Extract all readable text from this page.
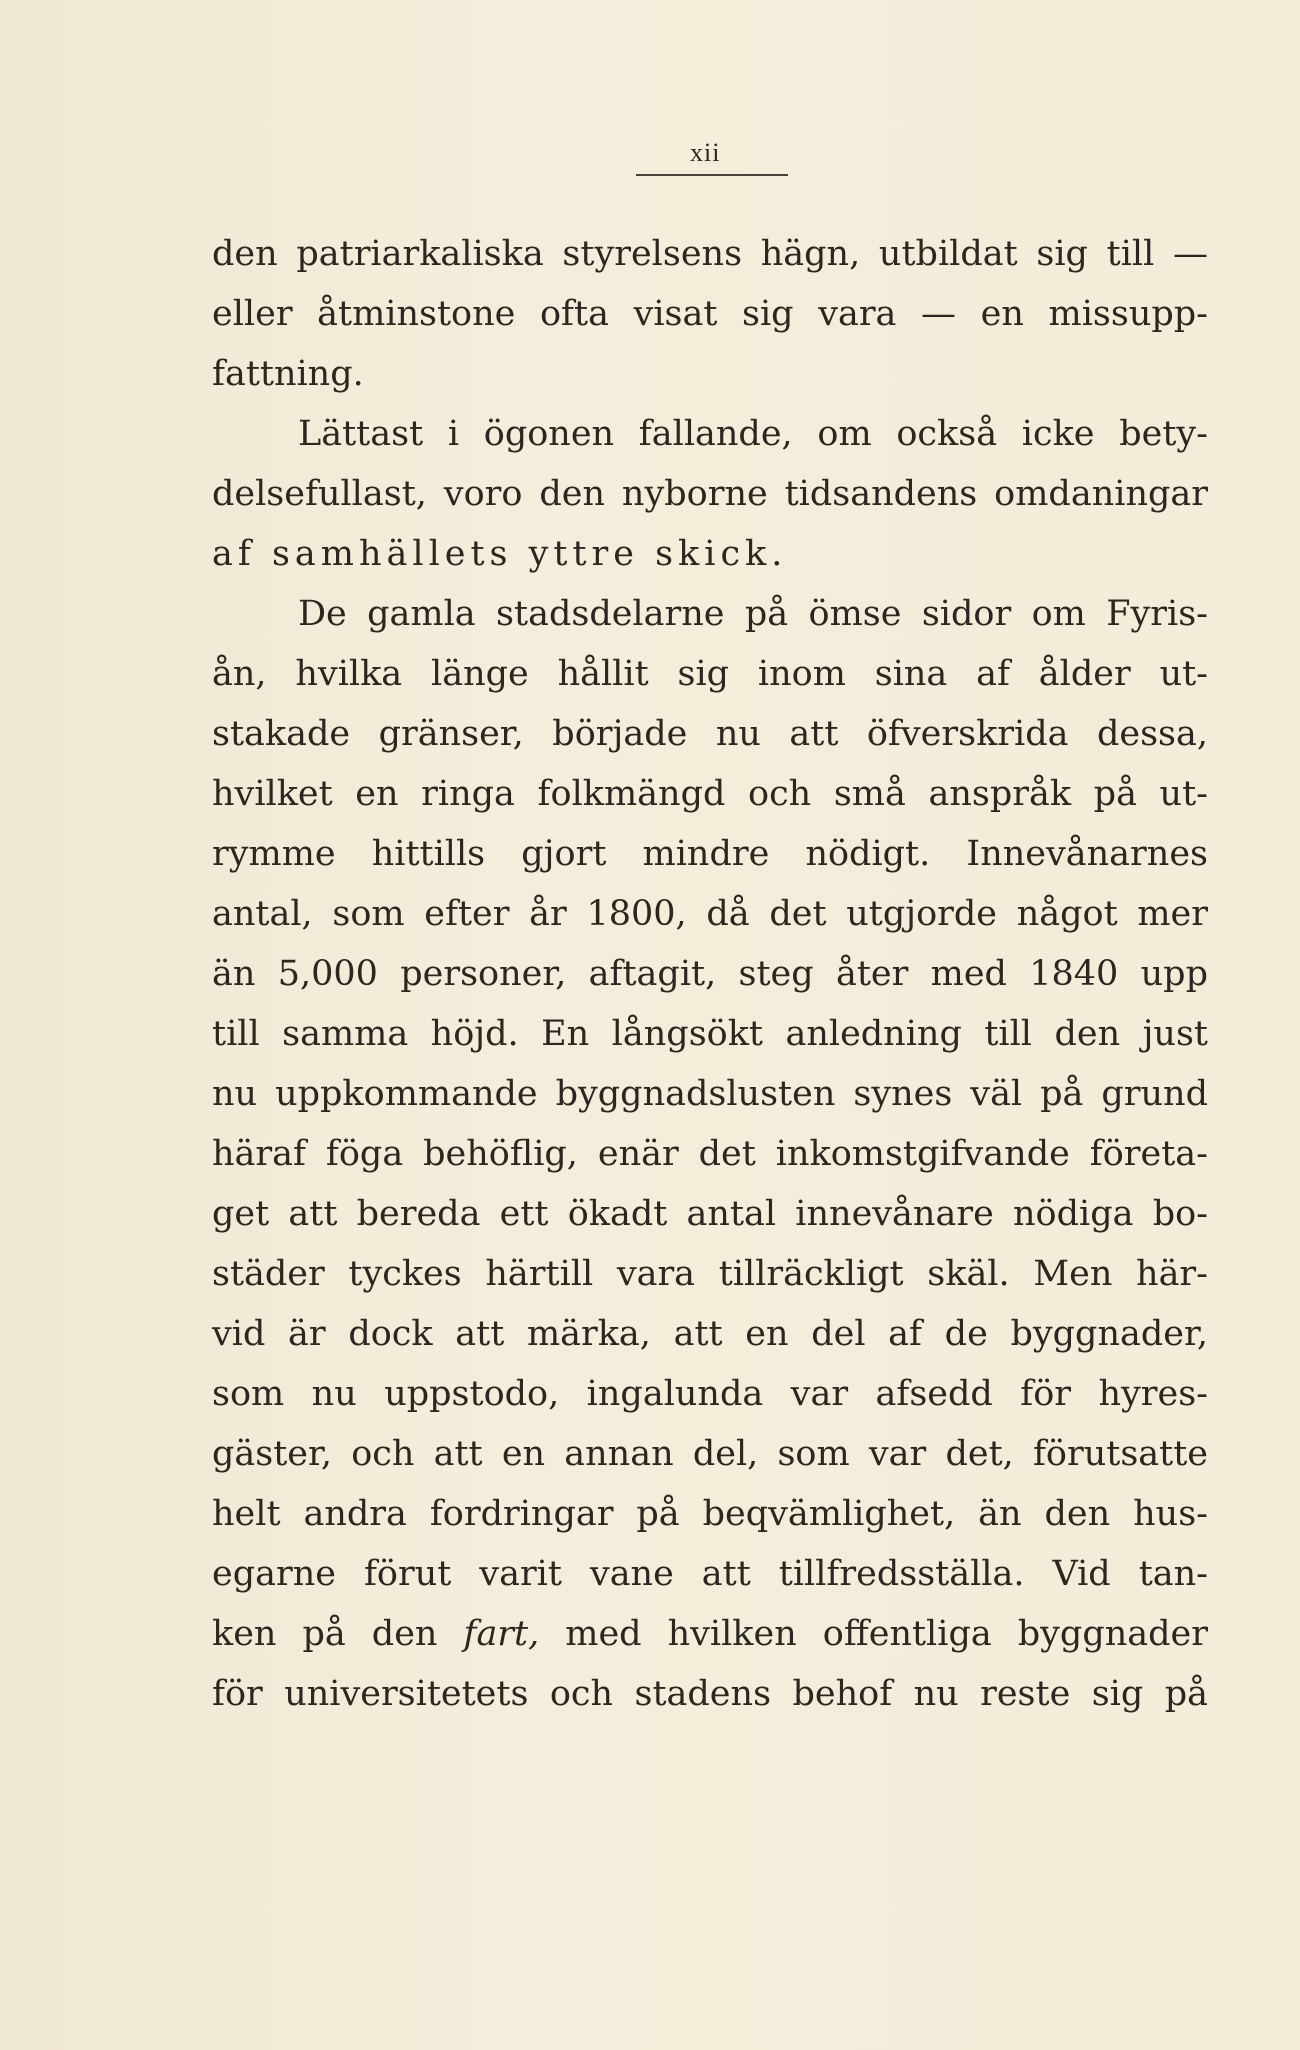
xii
den patriarkaliska styrelsens hägn, utbildat sig till —
eller åtminstone ofta visat sig vara — en missupp-
fattning.
Lättast i ögonen fallande, om också icke bety-
delsefullast, voro den nyborne tidsandens omdaningar
af samhällets yttre skick.
De gamla stadsdelarne på ömse sidor om Fyris-
ån, hvilka länge hållit sig inom sina af ålder ut-
stakade gränser, började nu att öfverskrida dessa,
hvilket en ringa folkmängd och små anspråk på ut-
rymme hittills gjort mindre nödigt. Innevånarnes
antal, som efter år 1800, då det utgjorde något mer
än 5,000 personer, aftagit, steg åter med 1840 upp
till samma höjd. En långsökt anledning till den just
nu uppkommande byggnadslusten synes väl på grund
häraf föga behöflig, enär det inkomstgifvande företa-
get att bereda ett ökadt antal innevånare nödiga bo-
städer tyckes härtill vara tillräckligt skäl. Men här-
vid är dock att märka, att en del af de byggnader,
som nu uppstodo, ingalunda var afsedd för hyres-
gäster, och att en annan del, som var det, förutsatte
helt andra fordringar på beqvämlighet, än den hus-
egarne förut varit vane att tillfredsställa. Vid tan-
ken på den fart, med hvilken offentliga byggnader
för universitetets och stadens behof nu reste sig på
